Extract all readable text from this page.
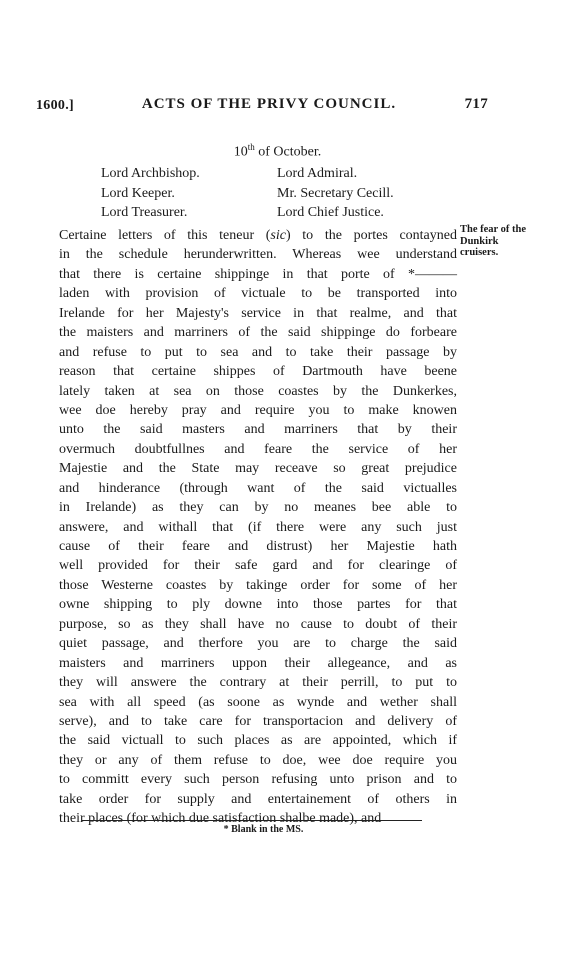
1600.]	ACTS OF THE PRIVY COUNCIL.	717
10th of October.
Lord Archbishop.	Lord Admiral.
Lord Keeper.	Mr. Secretary Cecill.
Lord Treasurer.	Lord Chief Justice.
The fear of the Dunkirk cruisers.
Certaine letters of this teneur (sic) to the portes contayned
in the schedule herunderwritten. Whereas wee understand
that there is certaine shippinge in that porte of *———
laden with provision of victuale to be transported into
Irelande for her Majesty's service in that realme, and that
the maisters and marriners of the said shippinge do forbeare
and refuse to put to sea and to take their passage by
reason that certaine shippes of Dartmouth have beene
lately taken at sea on those coastes by the Dunkerkes,
wee doe hereby pray and require you to make knowen
unto the said masters and marriners that by their
overmuch doubtfullnes and feare the service of her
Majestie and the State may receave so great prejudice
and hinderance (through want of the said victualles
in Irelande) as they can by no meanes bee able to
answere, and withall that (if there were any such just
cause of their feare and distrust) her Majestie hath
well provided for their safe gard and for clearinge of
those Westerne coastes by takinge order for some of her
owne shipping to ply downe into those partes for that
purpose, so as they shall have no cause to doubt of their
quiet passage, and therfore you are to charge the said
maisters and marriners uppon their allegeance, and as
they will answere the contrary at their perrill, to put to
sea with all speed (as soone as wynde and wether shall
serve), and to take care for transportacion and delivery of
the said victuall to such places as are appointed, which if
they or any of them refuse to doe, wee doe require you
to committ every such person refusing unto prison and to
take order for supply and entertainement of others in
their places (for which due satisfaction shalbe made), and
* Blank in the MS.
